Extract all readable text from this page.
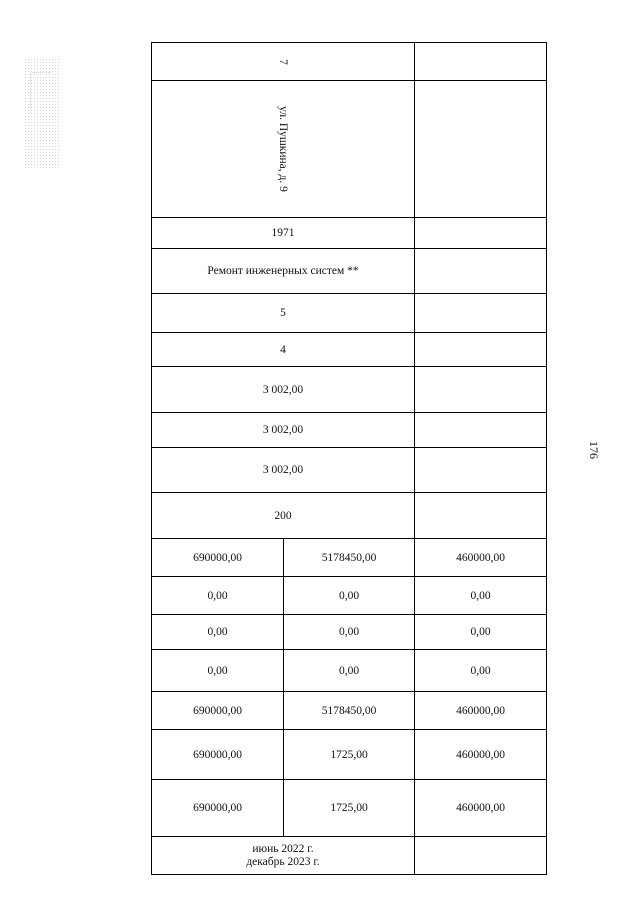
7		
ул. Пушкина, д. 9		
1971		
Ремонт инженерных систем **		
5		
4		
3 002,00		
3 002,00		
3 002,00		
200		
690000,00	5178450,00	460000,00
0,00	0,00	0,00
0,00	0,00	0,00
0,00	0,00	0,00
690000,00	5178450,00	460000,00
690000,00	1725,00	460000,00
690000,00	1725,00	460000,00

июнь 2022 г.
декабрь 2023 г.		

176
